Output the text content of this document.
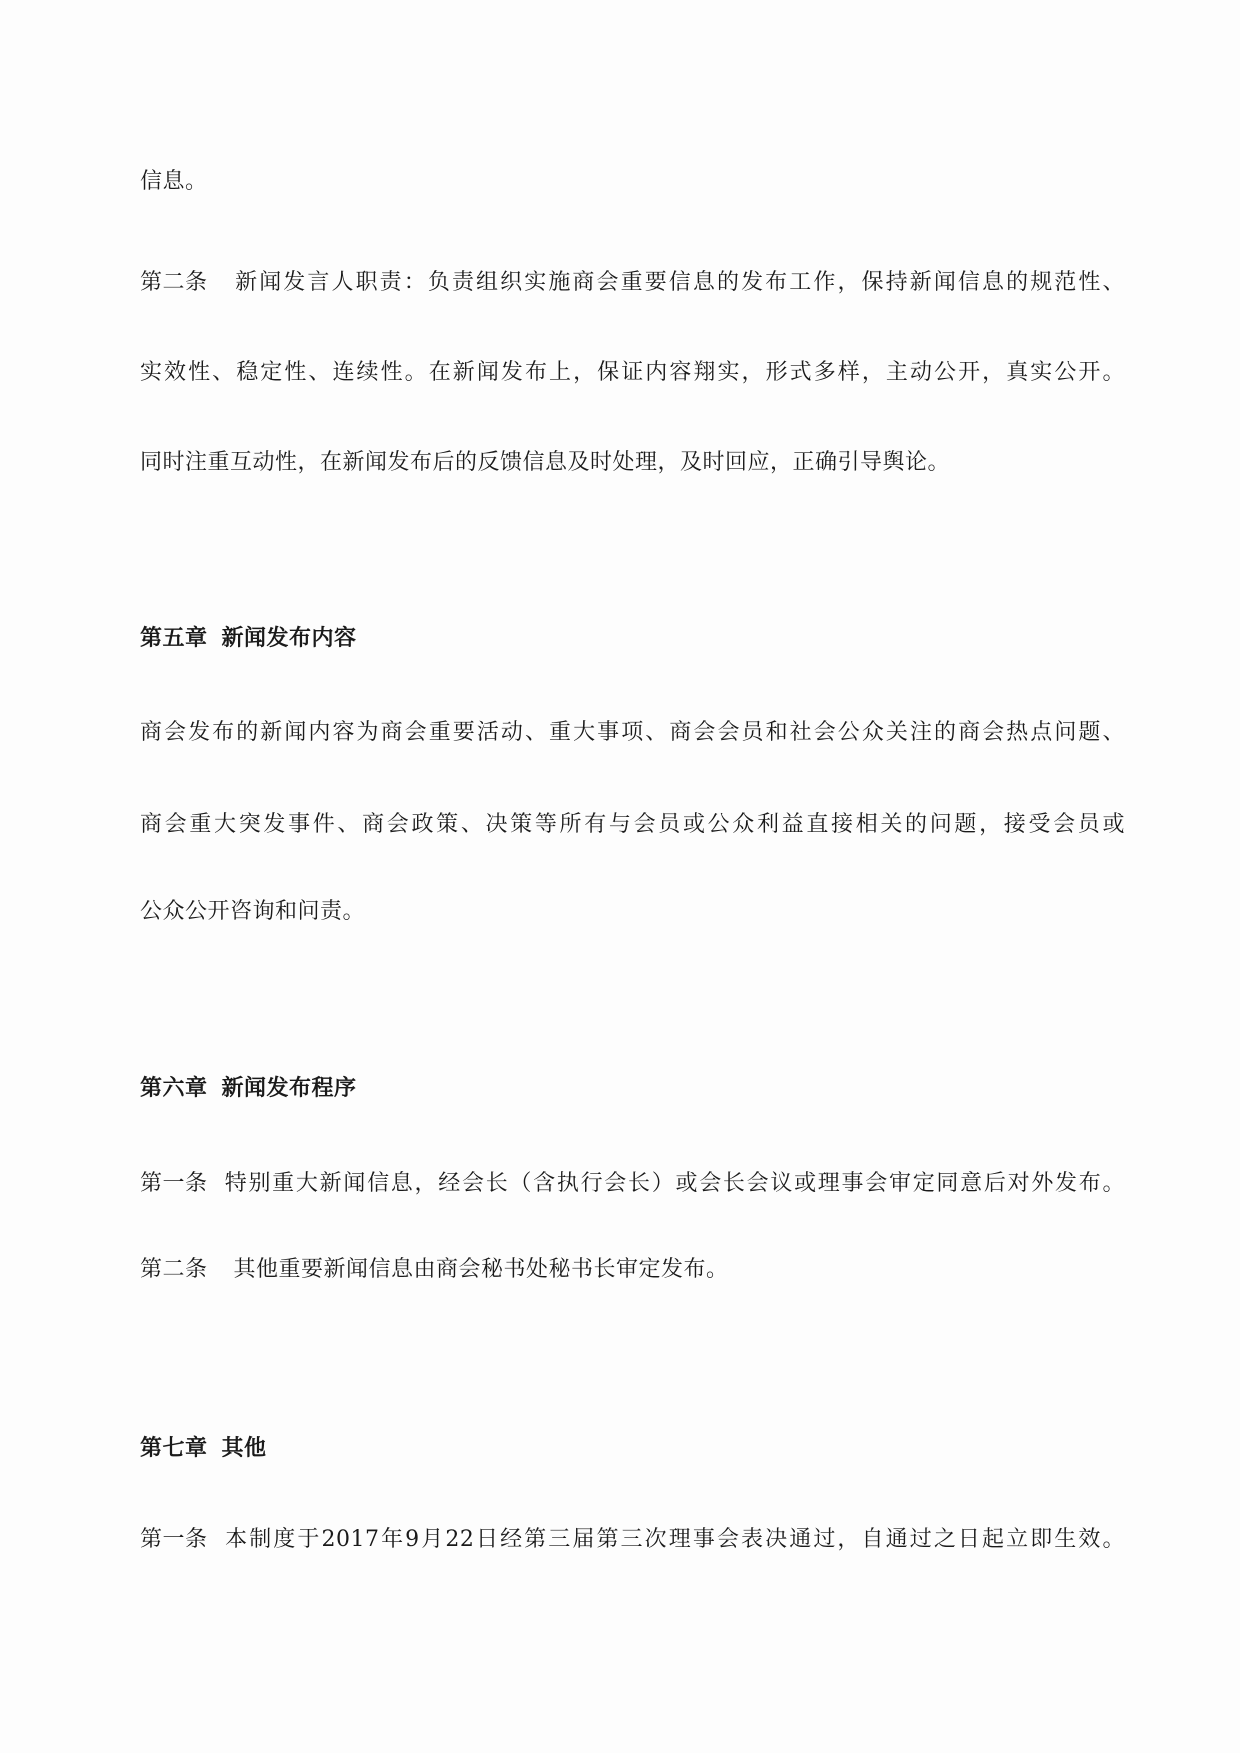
信息。
第二条 新闻发言人职责：负责组织实施商会重要信息的发布工作，保持新闻信息的规范性、
实效性、稳定性、连续性。在新闻发布上，保证内容翔实，形式多样，主动公开，真实公开。
同时注重互动性，在新闻发布后的反馈信息及时处理，及时回应，正确引导舆论。
第五章 新闻发布内容
商会发布的新闻内容为商会重要活动、重大事项、商会会员和社会公众关注的商会热点问题、
商会重大突发事件、商会政策、决策等所有与会员或公众利益直接相关的问题，接受会员或
公众公开咨询和问责。
第六章 新闻发布程序
第一条 特别重大新闻信息，经会长（含执行会长）或会长会议或理事会审定同意后对外发布。
第二条 其他重要新闻信息由商会秘书处秘书长审定发布。
第七章 其他
第一条 本制度于2017年9月22日经第三届第三次理事会表决通过，自通过之日起立即生效。
